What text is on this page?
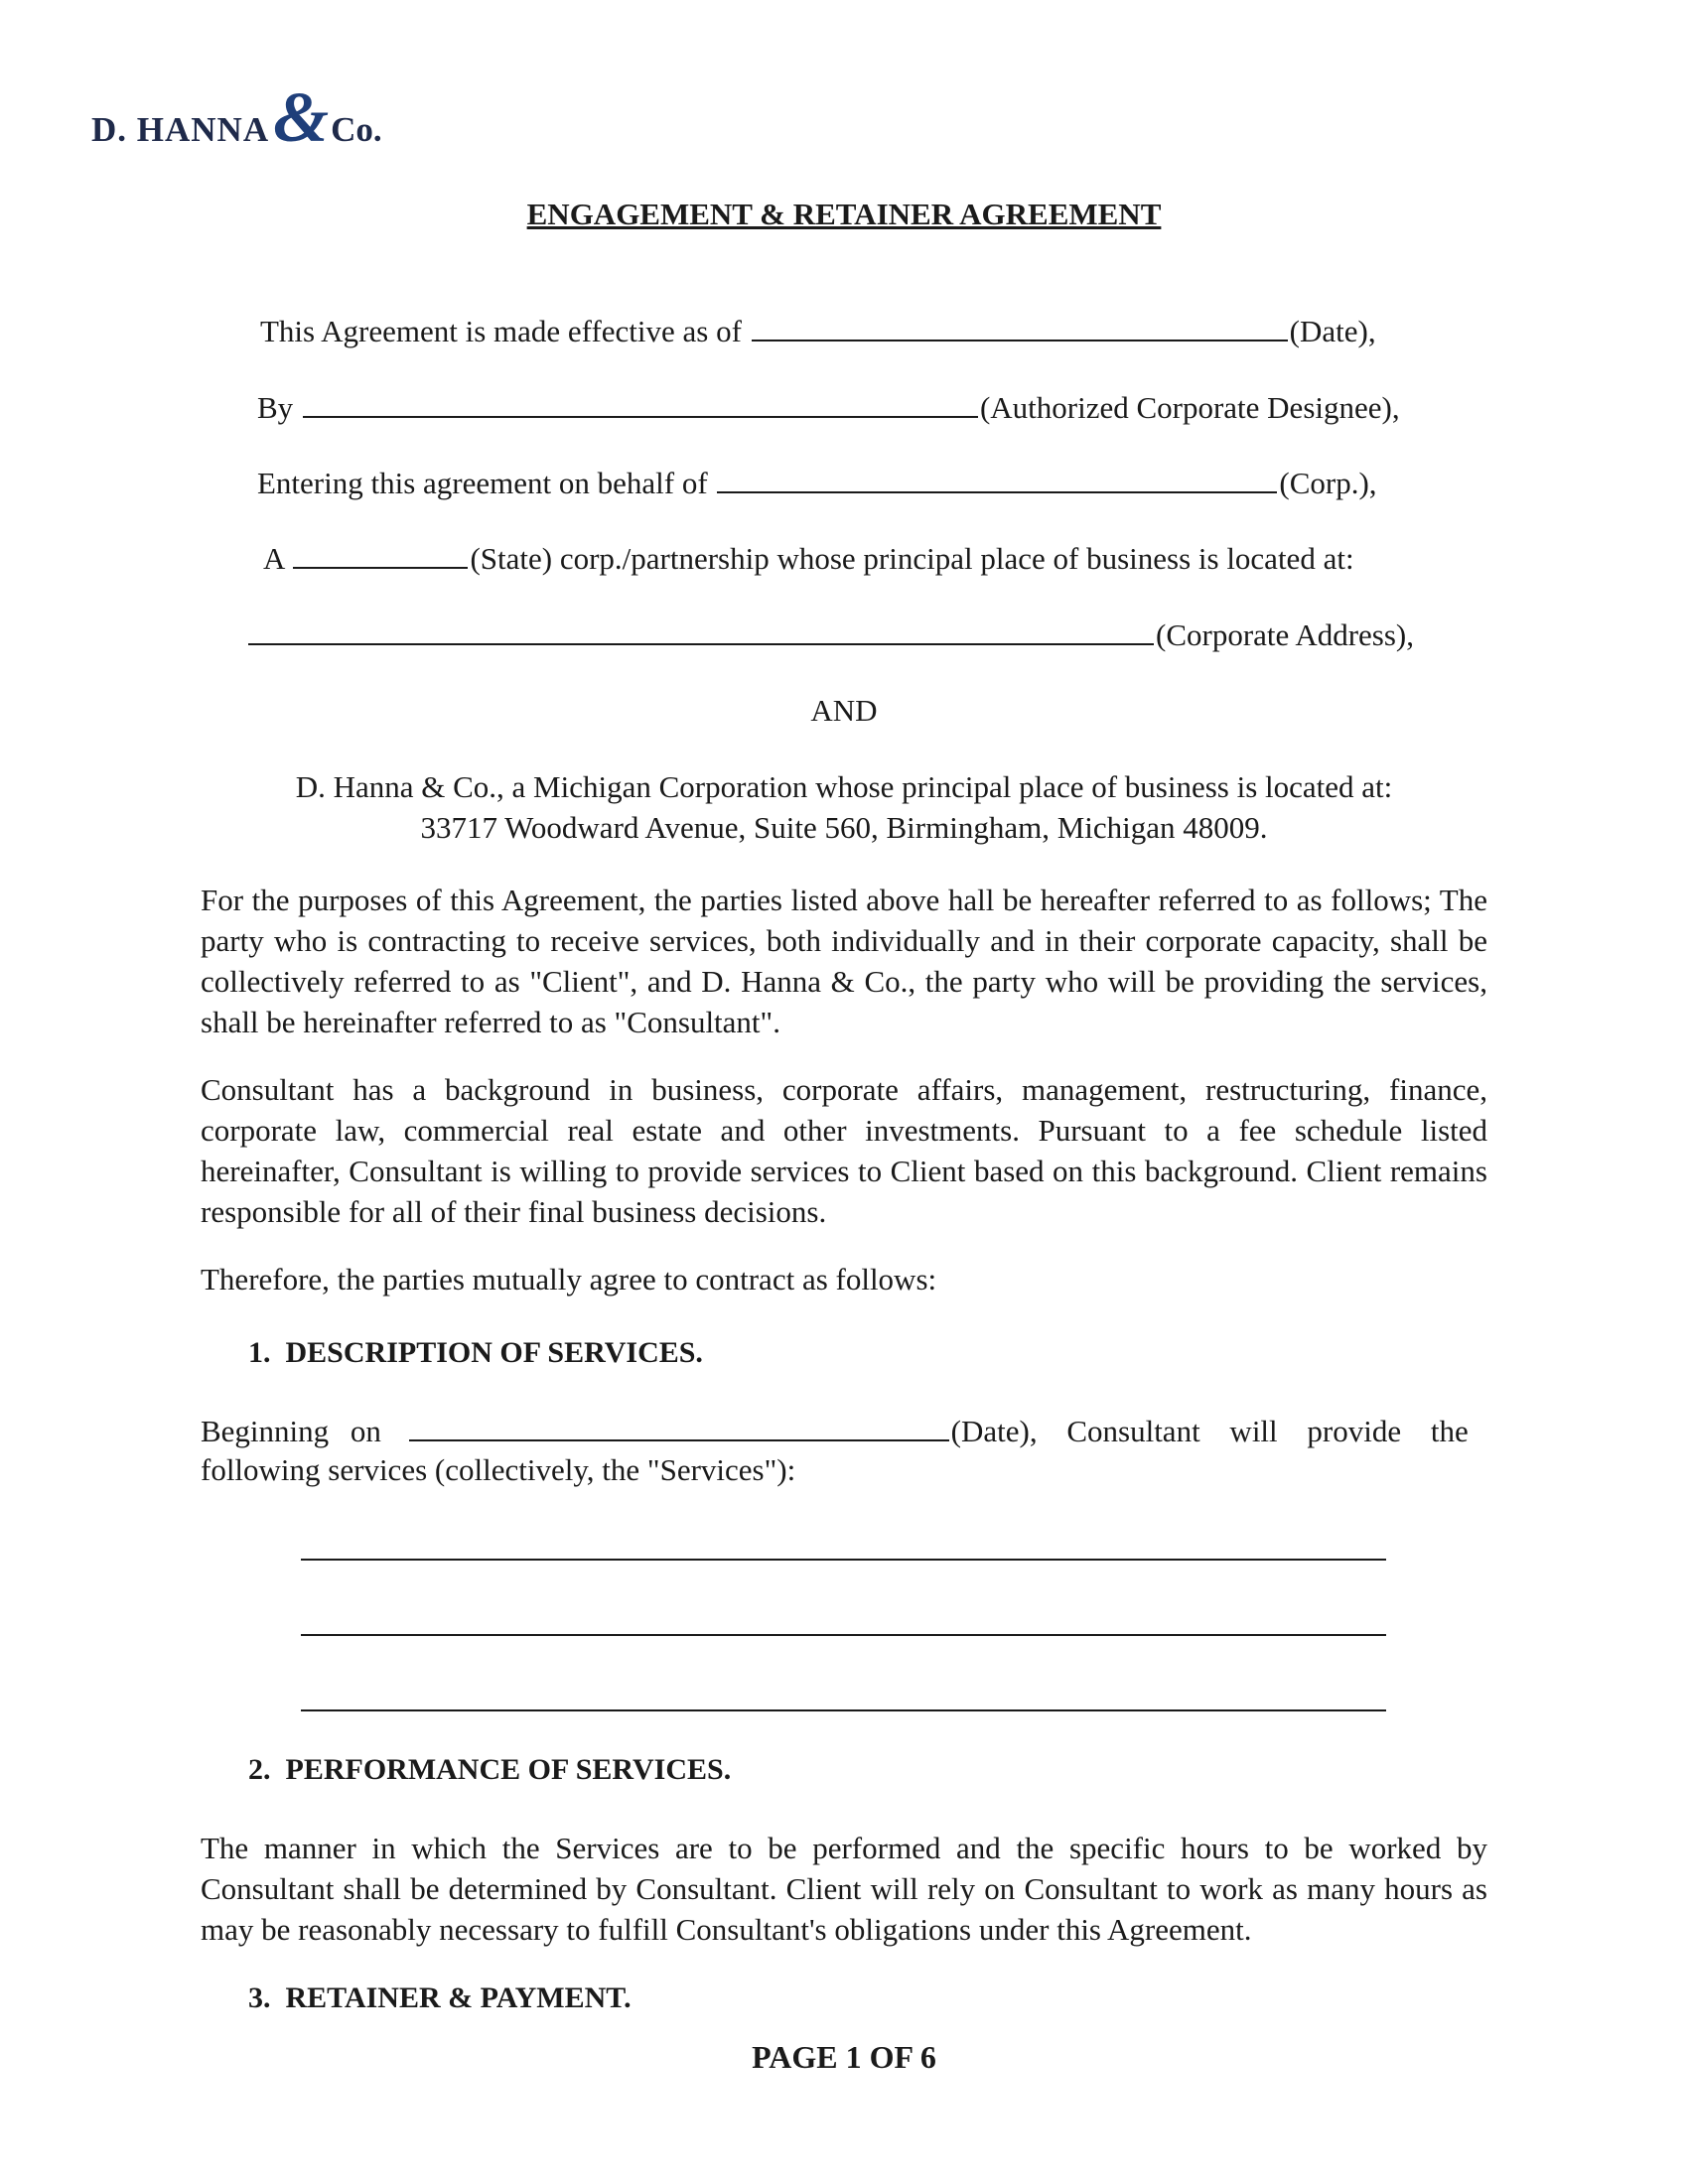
D. HANNA & Co.
ENGAGEMENT & RETAINER AGREEMENT
This Agreement is made effective as of	(Date),
By	(Authorized Corporate Designee),
Entering this agreement on behalf of	(Corp.),
A	(State) corp./partnership whose principal place of business is located at:
(Corporate Address),
AND
D. Hanna & Co., a Michigan Corporation whose principal place of business is located at:
33717 Woodward Avenue, Suite 560, Birmingham, Michigan 48009.
For the purposes of this Agreement, the parties listed above hall be hereafter referred to as follows; The party who is contracting to receive services, both individually and in their corporate capacity, shall be collectively referred to as "Client", and D. Hanna & Co., the party who will be providing the services, shall be hereinafter referred to as "Consultant".
Consultant has a background in business, corporate affairs, management, restructuring, finance, corporate law, commercial real estate and other investments. Pursuant to a fee schedule listed hereinafter, Consultant is willing to provide services to Client based on this background. Client remains responsible for all of their final business decisions.
Therefore, the parties mutually agree to contract as follows:
1. DESCRIPTION OF SERVICES.
Beginning on	(Date), Consultant will provide the
following services (collectively, the "Services"):
2. PERFORMANCE OF SERVICES.
The manner in which the Services are to be performed and the specific hours to be worked by Consultant shall be determined by Consultant. Client will rely on Consultant to work as many hours as may be reasonably necessary to fulfill Consultant's obligations under this Agreement.
3. RETAINER & PAYMENT.
PAGE 1 OF 6
